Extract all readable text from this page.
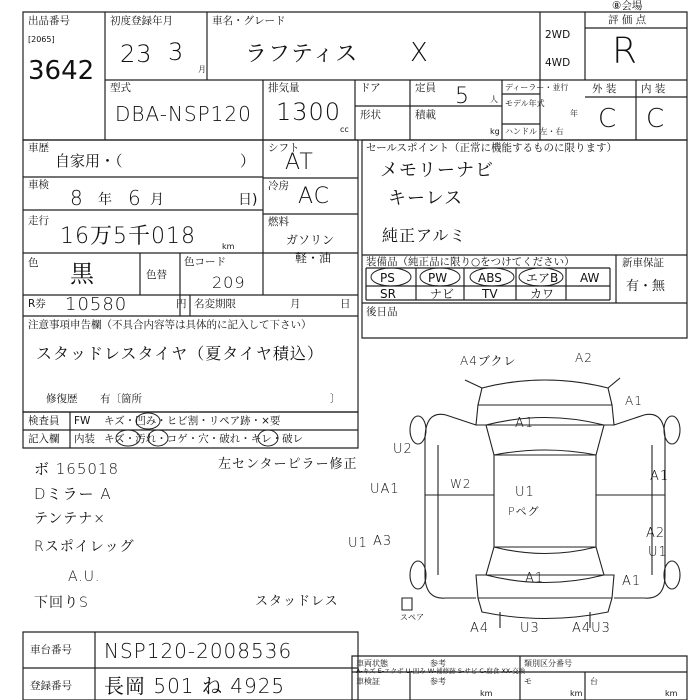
出品番号
[2065]
3642
初度登録年月
23 3
月
車名・グレード
ラフティス X
2WD
4WD
評 価 点
R
⑧会場
型式
DBA-NSP120
排気量
1300
cc
ドア	定員 5	人
形状	積載
kg
ディーラー・並行
モデル年式
年
ハンドル 左・右
外 装 内 装
C C
車歴
自家用・（	）
車検
8 年 6 月	日)
走行
16万5千018	km
色 黒	色替
色コード
209
R券 10580	円 名変期限	月	日
シフト
AT
冷房 AC
燃料
ガソリン
軽・油
セールスポイント（正常に機能するものに限ります）
メモリーナビ
キーレス
純正アルミ
装備品（純正品に限り○をつけてください）	新車保証
有・無
PS	PW	ABS エアB AW
SR	ナビ TV	カワ
後日品
注意事項申告欄（不具合内容等は具体的に記入して下さい）
スタッドレスタイヤ（夏タイヤ積込）
修復歴 有〔箇所	〕
検査員
記入欄
FW キズ・凹み・ヒビ割・リペア跡・×要
内装 キズ・汚れ・コゲ・穴・破れ・キレ・破レ
ボ 165018
Dミラー A
テンテナ×
Rスポイレッグ
A.U.
下回りS
左センターピラー修正
スタッドレス
A4ブクレ	A2
A1
A1
A1
U2
UA1	W2
U1
Pペグ
A2
U1
U1 A3
A1	A1
A4 U3 A4U3
スペア
車台番号 NSP120-2008536
登録番号 長岡 501 ね 4925
車両状態
A-キズ E-エクボ U-凹み W-補修跡 S-サビ C-腐食 XX-交換
参考	類別区分番号
車検証	参考
km	km	km
台
モ
